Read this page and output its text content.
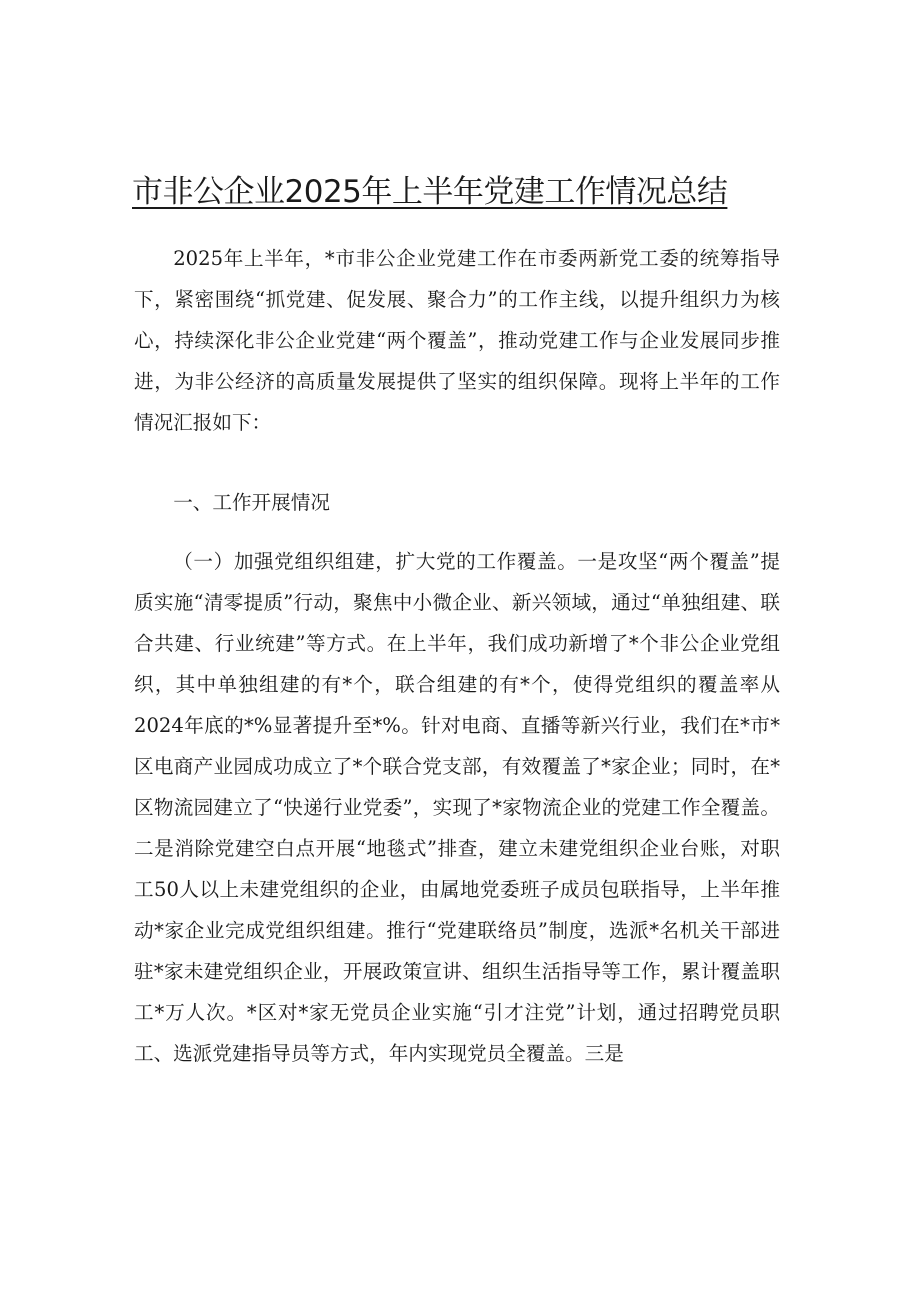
市非公企业2025年上半年党建工作情况总结

2025年上半年，*市非公企业党建工作在市委两新党工委的统筹指导下，紧密围绕“抓党建、促发展、聚合力”的工作主线，以提升组织力为核心，持续深化非公企业党建“两个覆盖”，推动党建工作与企业发展同步推进，为非公经济的高质量发展提供了坚实的组织保障。现将上半年的工作情况汇报如下：

一、工作开展情况

（一）加强党组织组建，扩大党的工作覆盖。一是攻坚“两个覆盖”提质实施“清零提质”行动，聚焦中小微企业、新兴领域，通过“单独组建、联合共建、行业统建”等方式。在上半年，我们成功新增了*个非公企业党组织，其中单独组建的有*个，联合组建的有*个，使得党组织的覆盖率从2024年底的*%显著提升至*%。针对电商、直播等新兴行业，我们在*市*区电商产业园成功成立了*个联合党支部，有效覆盖了*家企业；同时，在*区物流园建立了“快递行业党委”，实现了*家物流企业的党建工作全覆盖。二是消除党建空白点开展“地毯式”排查，建立未建党组织企业台账，对职工50人以上未建党组织的企业，由属地党委班子成员包联指导，上半年推动*家企业完成党组织组建。推行“党建联络员”制度，选派*名机关干部进驻*家未建党组织企业，开展政策宣讲、组织生活指导等工作，累计覆盖职工*万人次。*区对*家无党员企业实施“引才注党”计划，通过招聘党员职工、选派党建指导员等方式，年内实现党员全覆盖。三是
